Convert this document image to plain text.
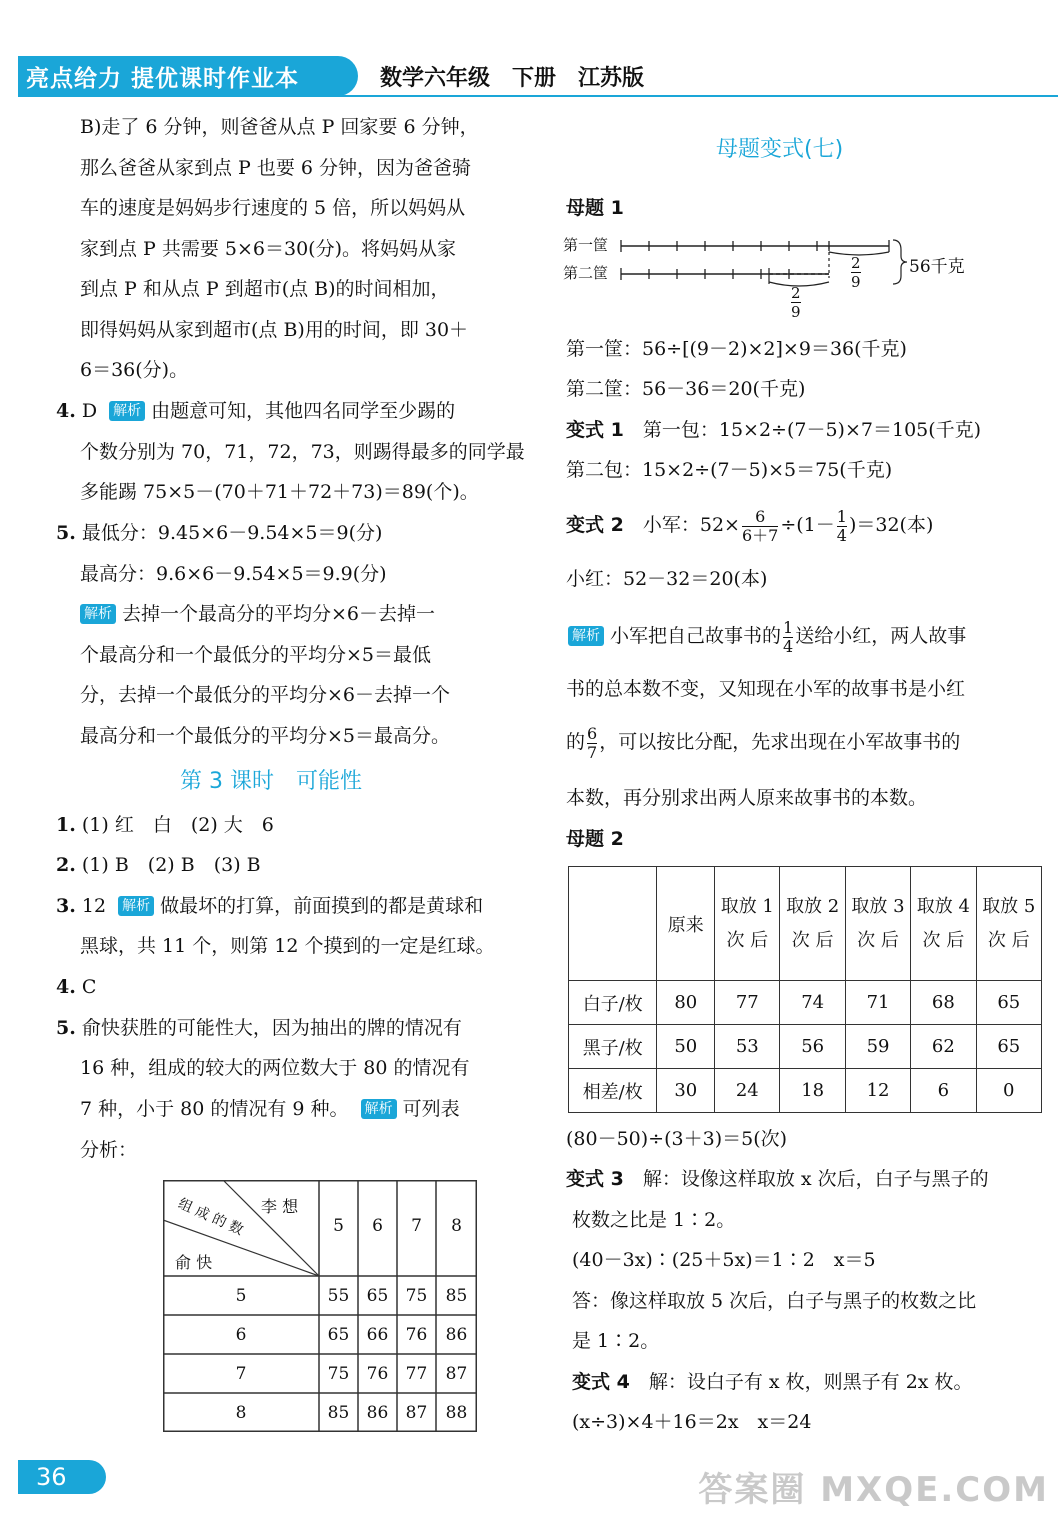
亮点给力 提优课时作业本	数学六年级　下册　江苏版
B)走了 6 分钟，则爸爸从点 P 回家要 6 分钟，
那么爸爸从家到点 P 也要 6 分钟，因为爸爸骑
车的速度是妈妈步行速度的 5 倍，所以妈妈从
家到点 P 共需要 5×6＝30(分)。将妈妈从家
到点 P 和从点 P 到超市(点 B)的时间相加，
即得妈妈从家到超市(点 B)用的时间，即 30＋
6＝36(分)。
4. D 解析 由题意可知，其他四名同学至少踢的
个数分别为 70，71，72，73，则踢得最多的同学最
多能踢 75×5－(70＋71＋72＋73)＝89(个)。
5. 最低分：9.45×6－9.54×5＝9(分)
最高分：9.6×6－9.54×5＝9.9(分)
解析 去掉一个最高分的平均分×6－去掉一
个最高分和一个最低分的平均分×5＝最低
分，去掉一个最低分的平均分×6－去掉一个
最高分和一个最低分的平均分×5＝最高分。
第 3 课时　可能性
1. (1) 红　白　(2) 大　6
2. (1) B　(2) B　(3) B
3. 12 解析 做最坏的打算，前面摸到的都是黄球和
黑球，共 11 个，则第 12 个摸到的一定是红球。
4. C
5. 俞快获胜的可能性大，因为抽出的牌的情况有
16 种，组成的较大的两位数大于 80 的情况有
7 种，小于 80 的情况有 9 种。 解析 可列表
分析：
李 想
组 成 的 数
俞 快
5	6	7	8
5	55	65	75	85
6	65	66	76	86
7	75	76	77	87
8	85	86	87	88
母题变式(七)
母题 1
第一筐
第二筐	56千克
$\frac{2}{9}$
$\frac{2}{9}$
第一筐：56÷[(9－2)×2]×9＝36(千克)
第二筐：56－36＝20(千克)
变式 1　 第一包：15×2÷(7－5)×7＝105(千克)
第二包：15×2÷(7－5)×5＝75(千克)
变式 2　 小军：$52\times \frac{6}{6+7} \div(1- \frac{1}{4} )=32$(本)
小红：52－32＝20(本)
解析 小军把自己故事书的 $\frac{1}{4}$ 送给小红，两人故事
书的总本数不变，又知现在小军的故事书是小红
的 $\frac{6}{7}$ ，可以按比分配，先求出现在小军故事书的
本数，再分别求出两人原来故事书的本数。
母题 2
	原来	取放 1 次 后	取放 2 次 后	取放 3 次 后	取放 4 次 后	取放 5 次 后
白子/枚	80	77	74	71	68	65
黑子/枚	50	53	56	59	62	65
相差/枚	30	24	18	12	6	0
(80－50)÷(3＋3)＝5(次)
变式 3　 解：设像这样取放 x 次后，白子与黑子的
枚数之比是 1∶2。
(40－3x)∶(25＋5x)＝1∶2　x＝5
答：像这样取放 5 次后，白子与黑子的枚数之比
是 1∶2。
变式 4　 解：设白子有 x 枚，则黑子有 2x 枚。
(x÷3)×4＋16＝2x　x＝24
36	答案圈 MXQE.COM
